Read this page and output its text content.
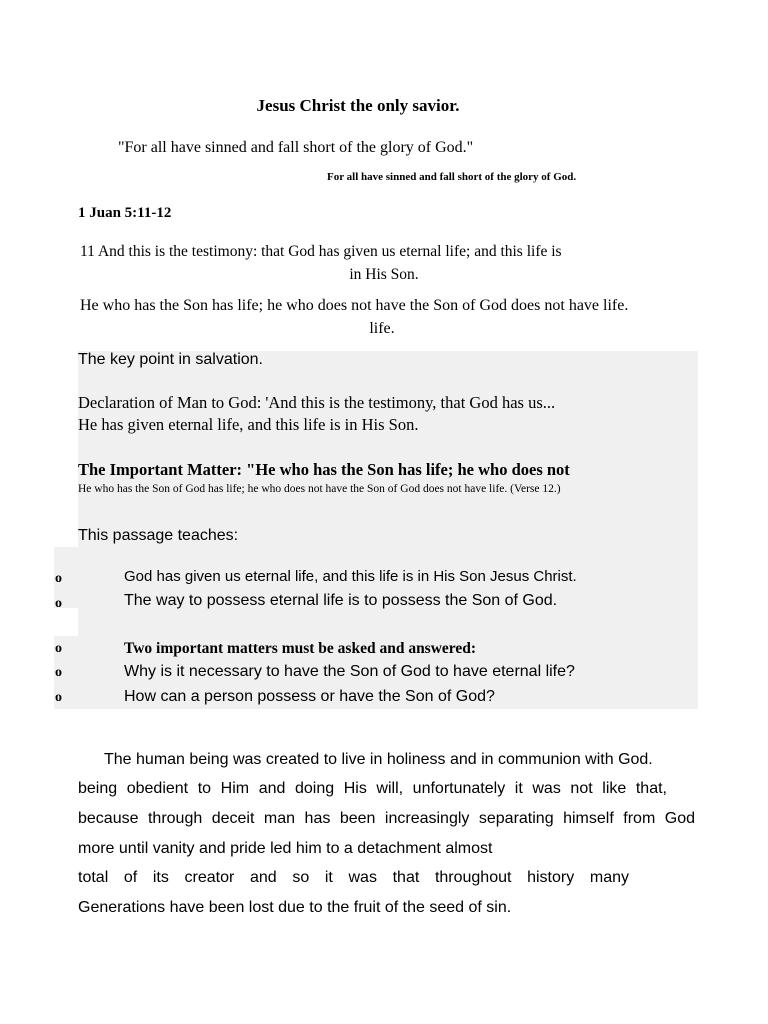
Jesus Christ the only savior.
"For all have sinned and fall short of the glory of God."
For all have sinned and fall short of the glory of God.
1 Juan 5:11-12
11 And this is the testimony: that God has given us eternal life; and this life is
in His Son.
He who has the Son has life; he who does not have the Son of God does not have life.
life.
The key point in salvation.
Declaration of Man to God: 'And this is the testimony, that God has us...
He has given eternal life, and this life is in His Son.
The Important Matter: "He who has the Son has life; he who does not
He who has the Son of God has life; he who does not have the Son of God does not have life. (Verse 12.)
This passage teaches:
o	God has given us eternal life, and this life is in His Son Jesus Christ.
o	The way to possess eternal life is to possess the Son of God.
o	Two important matters must be asked and answered:
o	Why is it necessary to have the Son of God to have eternal life?
o	How can a person possess or have the Son of God?
The human being was created to live in holiness and in communion with God.
being obedient to Him and doing His will, unfortunately it was not like that,
because through deceit man has been increasingly separating himself from God
more until vanity and pride led him to a detachment almost
total of its creator and so it was that throughout history many
Generations have been lost due to the fruit of the seed of sin.
